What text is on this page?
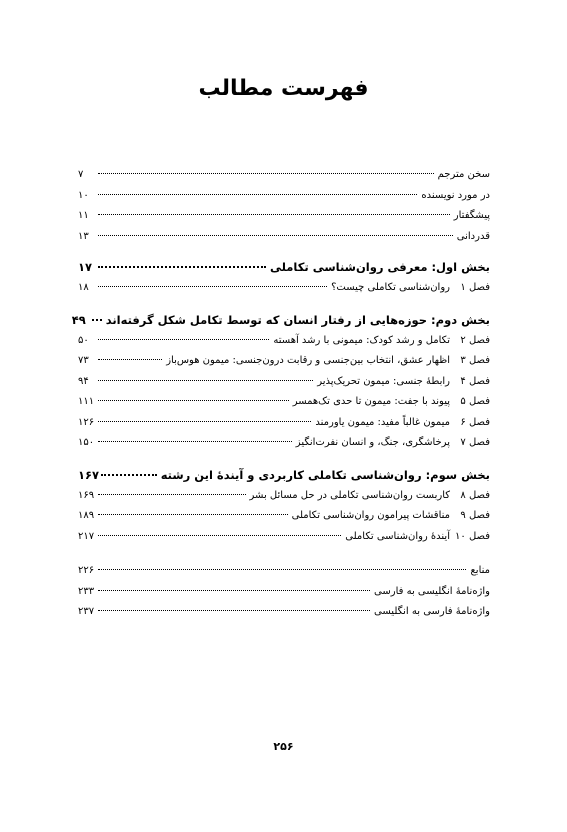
فهرست مطالب
سخن مترجم
۷
در مورد نویسنده
۱۰
پیشگفتار
۱۱
قدردانی
۱۳
بخش اول: معرفی روان‌شناسی تکاملی
۱۷
فصل ۱
روان‌شناسی تکاملی چیست؟
۱۸
بخش دوم: حوزه‌هایی از رفتار انسان که توسط تکامل شکل گرفته‌اند
۴۹
فصل ۲
تکامل و رشد کودک: میمونی با رشد آهسته
۵۰
فصل ۳
اظهار عشق، انتخاب بین‌جنسی و رقابت درون‌جنسی: میمون هوس‌باز
۷۳
فصل ۴
رابطهٔ جنسی: میمون تحریک‌پذیر
۹۴
فصل ۵
پیوند با جفت: میمون تا حدی تک‌همسر
۱۱۱
فصل ۶
میمون غالباً مفید: میمون یاورمند
۱۲۶
فصل ۷
پرخاشگری، جنگ، و انسان نفرت‌انگیز
۱۵۰
بخش سوم: روان‌شناسی تکاملی کاربردی و آیندهٔ این رشته
۱۶۷
فصل ۸
کاربست روان‌شناسی تکاملی در حل مسائل بشر
۱۶۹
فصل ۹
مناقشات پیرامون روان‌شناسی تکاملی
۱۸۹
فصل ۱۰
آیندهٔ روان‌شناسی تکاملی
۲۱۷
منابع
۲۲۶
واژه‌نامهٔ انگلیسی به فارسی
۲۳۳
واژه‌نامهٔ فارسی به انگلیسی
۲۳۷
۲۵۶
